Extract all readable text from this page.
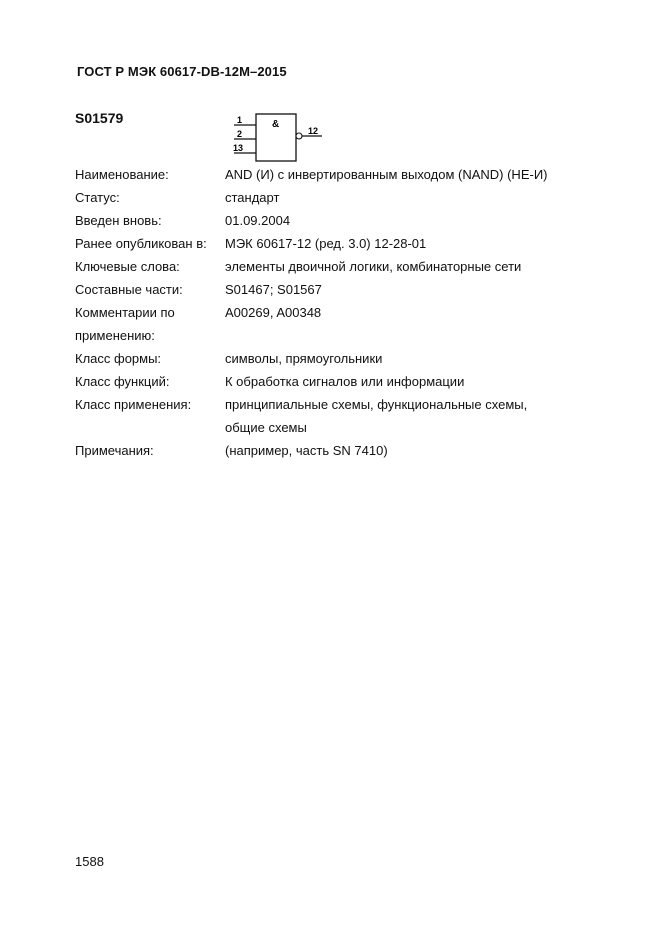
ГОСТ Р МЭК 60617-DB-12M–2015
S01579	&
1
2
13
12
Наименование:	AND (И) с инвертированным выходом (NAND) (НЕ-И)
Статус:	стандарт
Введен вновь:	01.09.2004
Ранее опубликован в:	МЭК 60617-12 (ред. 3.0) 12-28-01
Ключевые слова:	элементы двоичной логики, комбинаторные сети
Составные части:	S01467; S01567
Комментарии по	A00269, A00348
применению:
Класс формы:	символы, прямоугольники
Класс функций:	К обработка сигналов или информации
Класс применения:	принципиальные схемы, функциональные схемы,
общие схемы
Примечания:	(например, часть SN 7410)
1588
